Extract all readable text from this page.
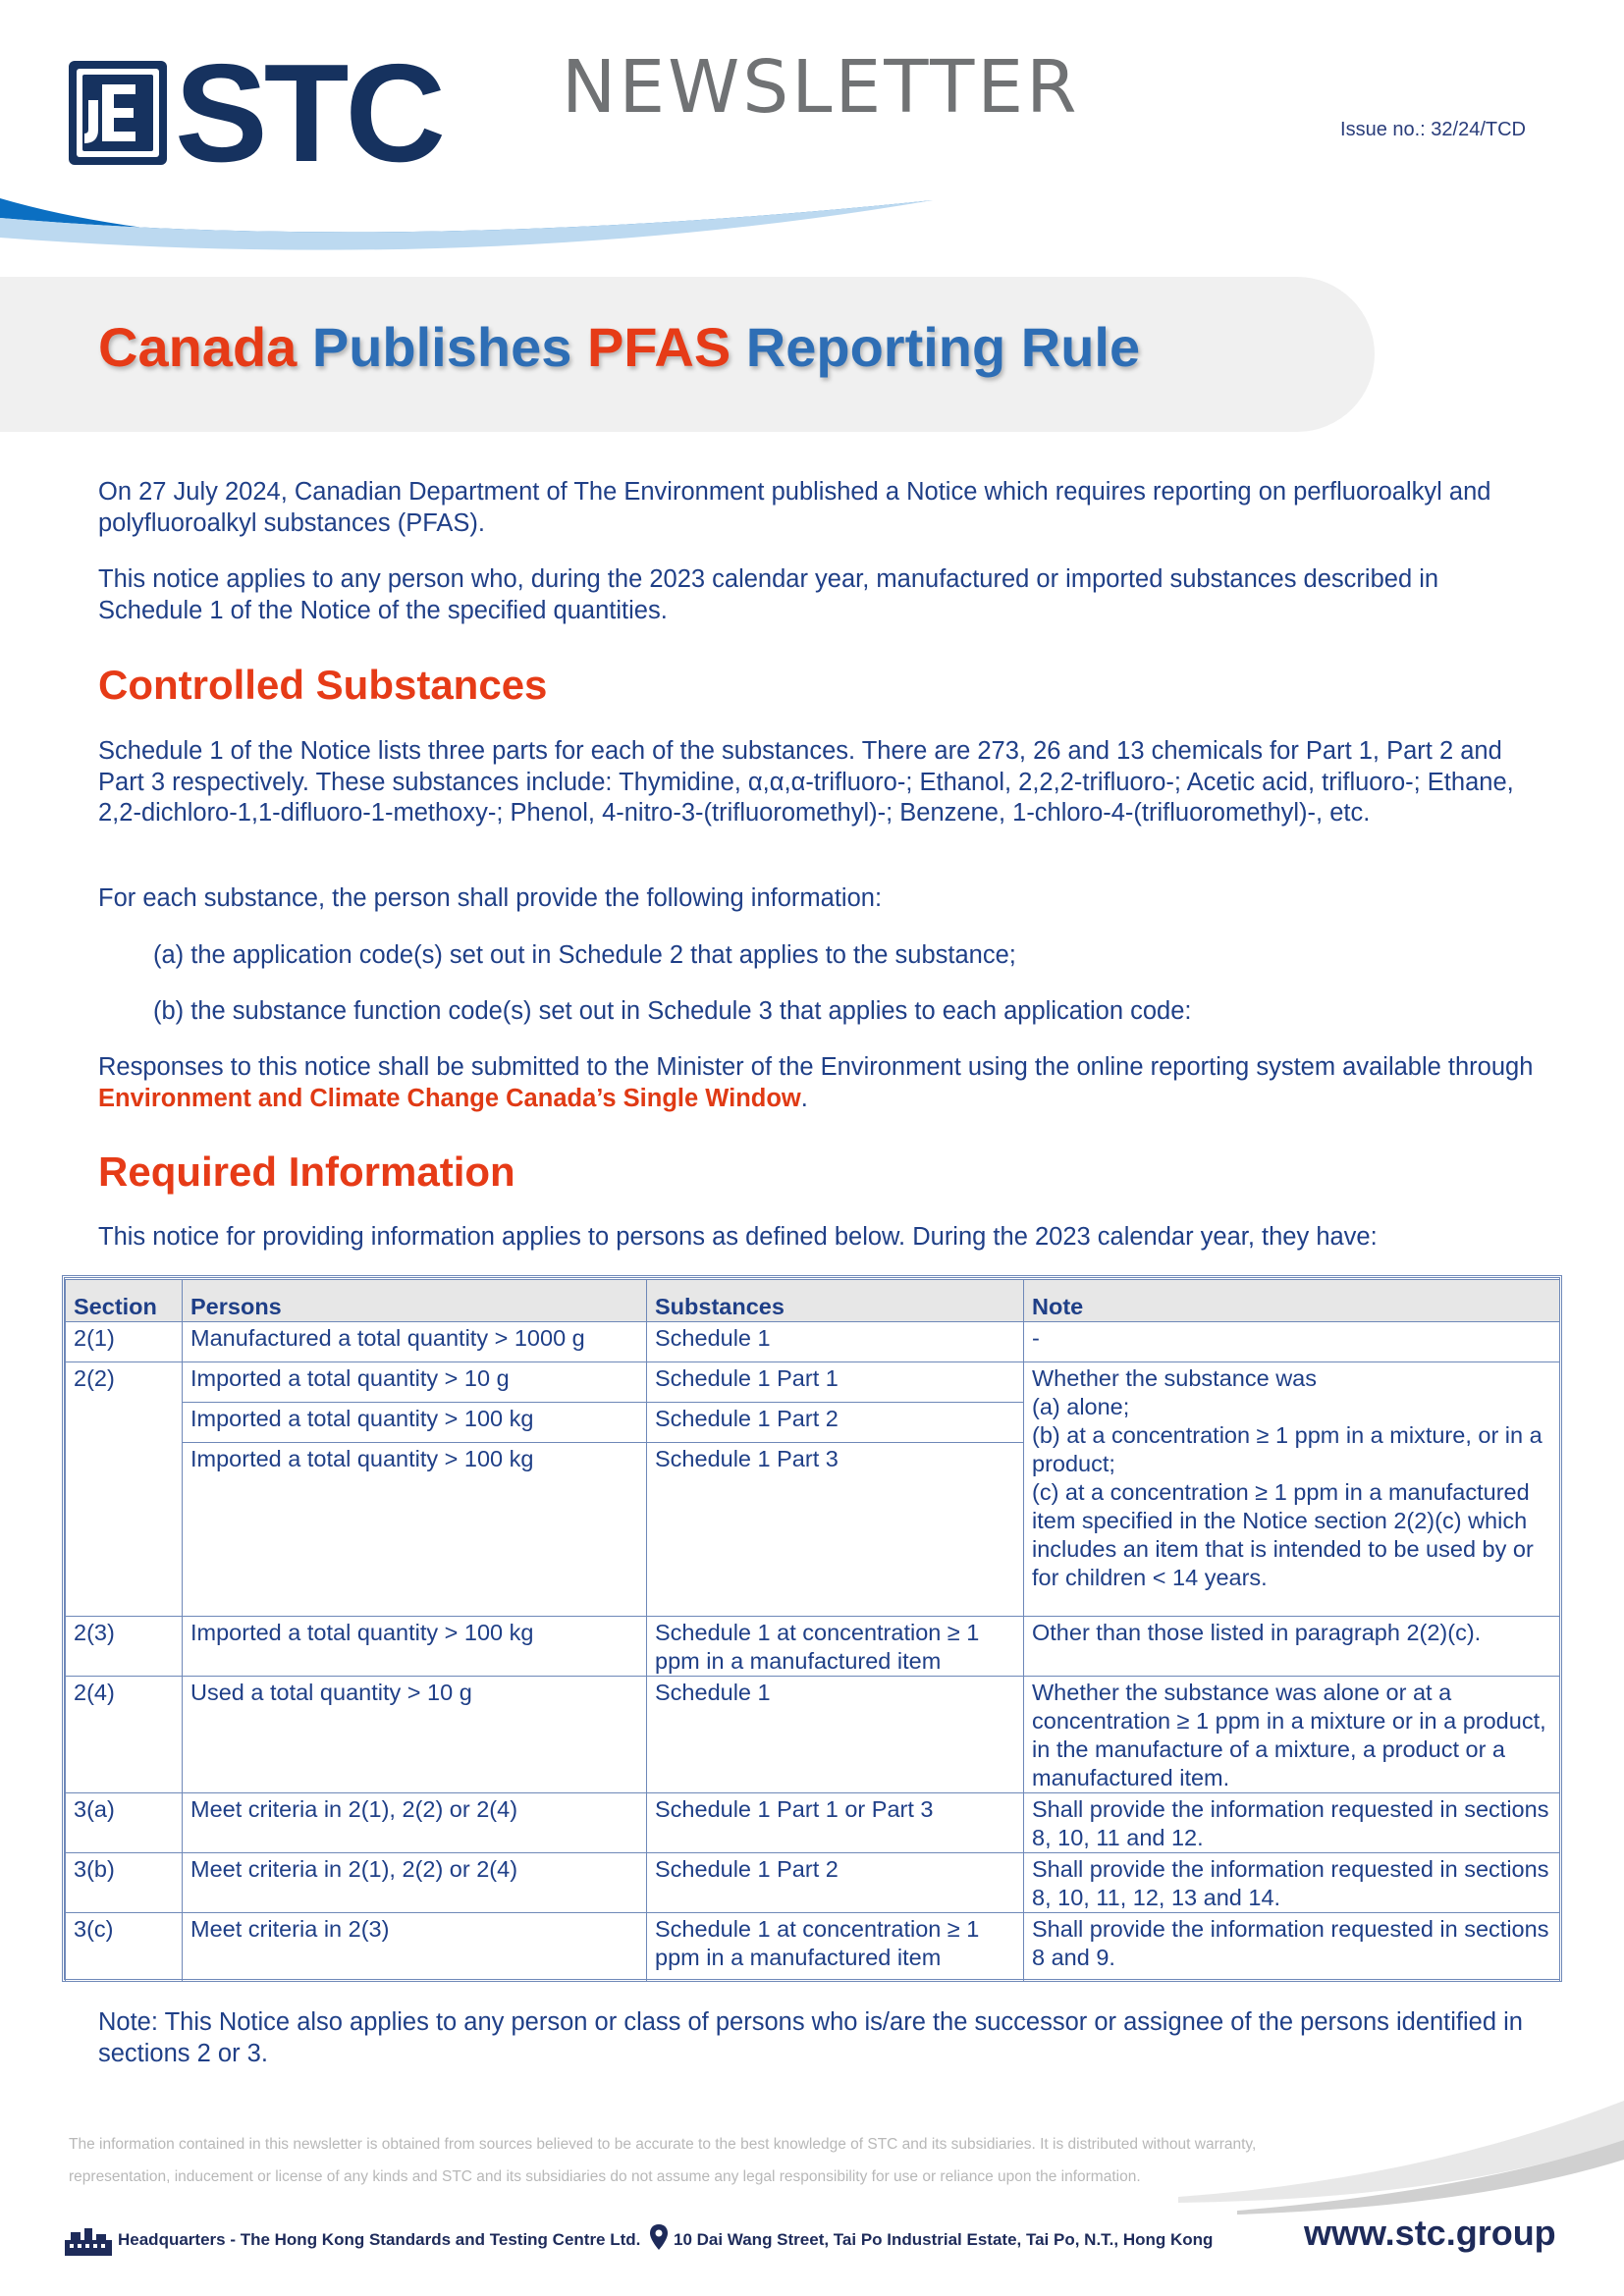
STC NEWSLETTER	Issue no.: 32/24/TCD
Canada Publishes PFAS Reporting Rule

On 27 July 2024, Canadian Department of The Environment published a Notice which requires reporting on perfluoroalkyl and polyfluoroalkyl substances (PFAS).

This notice applies to any person who, during the 2023 calendar year, manufactured or imported substances described in Schedule 1 of the Notice of the specified quantities.

Controlled Substances

Schedule 1 of the Notice lists three parts for each of the substances. There are 273, 26 and 13 chemicals for Part 1, Part 2 and Part 3 respectively. These substances include: Thymidine, α,α,α-trifluoro-; Ethanol, 2,2,2-trifluoro-; Acetic acid, trifluoro-; Ethane, 2,2-dichloro-1,1-difluoro-1-methoxy-; Phenol, 4-nitro-3-(trifluoromethyl)-; Benzene, 1-chloro-4-(trifluoromethyl)-, etc.

For each substance, the person shall provide the following information:

(a) the application code(s) set out in Schedule 2 that applies to the substance;

(b) the substance function code(s) set out in Schedule 3 that applies to each application code:

Responses to this notice shall be submitted to the Minister of the Environment using the online reporting system available through Environment and Climate Change Canada’s Single Window.

Required Information

This notice for providing information applies to persons as defined below. During the 2023 calendar year, they have:

Section	Persons	Substances	Note
2(1)	Manufactured a total quantity > 1000 g	Schedule 1	-
2(2)	Imported a total quantity > 10 g	Schedule 1 Part 1	Whether the substance was
(a) alone;
(b) at a concentration ≥ 1 ppm in a mixture, or in a product;
(c) at a concentration ≥ 1 ppm in a manufactured item specified in the Notice section 2(2)(c) which includes an item that is intended to be used by or for children < 14 years.
	Imported a total quantity > 100 kg	Schedule 1 Part 2	
	Imported a total quantity > 100 kg	Schedule 1 Part 3	
2(3)	Imported a total quantity > 100 kg	Schedule 1 at concentration ≥ 1 ppm in a manufactured item	Other than those listed in paragraph 2(2)(c).
2(4)	Used a total quantity > 10 g	Schedule 1	Whether the substance was alone or at a concentration ≥ 1 ppm in a mixture or in a product, in the manufacture of a mixture, a product or a manufactured item.
3(a)	Meet criteria in 2(1), 2(2) or 2(4)	Schedule 1 Part 1 or Part 3	Shall provide the information requested in sections 8, 10, 11 and 12.
3(b)	Meet criteria in 2(1), 2(2) or 2(4)	Schedule 1 Part 2	Shall provide the information requested in sections 8, 10, 11, 12, 13 and 14.
3(c)	Meet criteria in 2(3)	Schedule 1 at concentration ≥ 1 ppm in a manufactured item	Shall provide the information requested in sections 8 and 9.

Note: This Notice also applies to any person or class of persons who is/are the successor or assignee of the persons identified in sections 2 or 3.

The information contained in this newsletter is obtained from sources believed to be accurate to the best knowledge of STC and its subsidiaries. It is distributed without warranty, representation, inducement or license of any kinds and STC and its subsidiaries do not assume any legal responsibility for use or reliance upon the information.

Headquarters - The Hong Kong Standards and Testing Centre Ltd. 10 Dai Wang Street, Tai Po Industrial Estate, Tai Po, N.T., Hong Kong	www.stc.group
